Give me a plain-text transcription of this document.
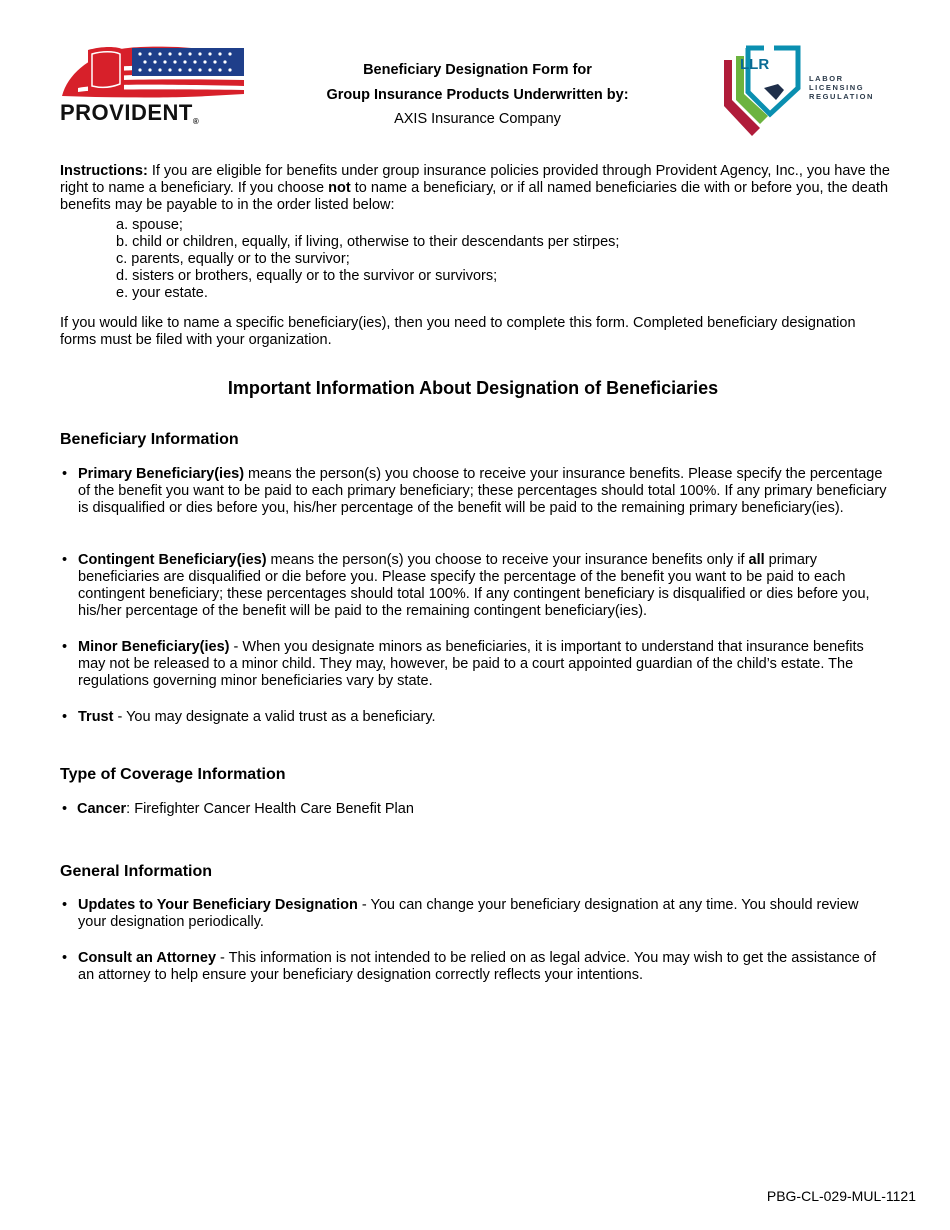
PROVIDENT®
Beneficiary Designation Form for
Group Insurance Products Underwritten by:
AXIS Insurance Company
LLR
LABOR
LICENSING
REGULATION
Instructions: If you are eligible for benefits under group insurance policies provided through Provident Agency, Inc., you have the right to name a beneficiary. If you choose not to name a beneficiary, or if all named beneficiaries die with or before you, the death benefits may be payable to in the order listed below:
a. spouse;
b. child or children, equally, if living, otherwise to their descendants per stirpes;
c. parents, equally or to the survivor;
d. sisters or brothers, equally or to the survivor or survivors;
e. your estate.
If you would like to name a specific beneficiary(ies), then you need to complete this form. Completed beneficiary designation forms must be filed with your organization.
Important Information About Designation of Beneficiaries
Beneficiary Information
• Primary Beneficiary(ies) means the person(s) you choose to receive your insurance benefits. Please specify the percentage of the benefit you want to be paid to each primary beneficiary; these percentages should total 100%. If any primary beneficiary is disqualified or dies before you, his/her percentage of the benefit will be paid to the remaining primary beneficiary(ies).
• Contingent Beneficiary(ies) means the person(s) you choose to receive your insurance benefits only if all primary beneficiaries are disqualified or die before you. Please specify the percentage of the benefit you want to be paid to each contingent beneficiary; these percentages should total 100%. If any contingent beneficiary is disqualified or dies before you, his/her percentage of the benefit will be paid to the remaining contingent beneficiary(ies).
• Minor Beneficiary(ies) - When you designate minors as beneficiaries, it is important to understand that insurance benefits may not be released to a minor child. They may, however, be paid to a court appointed guardian of the child’s estate. The regulations governing minor beneficiaries vary by state.
• Trust - You may designate a valid trust as a beneficiary.
Type of Coverage Information
• Cancer: Firefighter Cancer Health Care Benefit Plan
General Information
• Updates to Your Beneficiary Designation - You can change your beneficiary designation at any time. You should review your designation periodically.
• Consult an Attorney - This information is not intended to be relied on as legal advice. You may wish to get the assistance of an attorney to help ensure your beneficiary designation correctly reflects your intentions.
PBG-CL-029-MUL-1121
